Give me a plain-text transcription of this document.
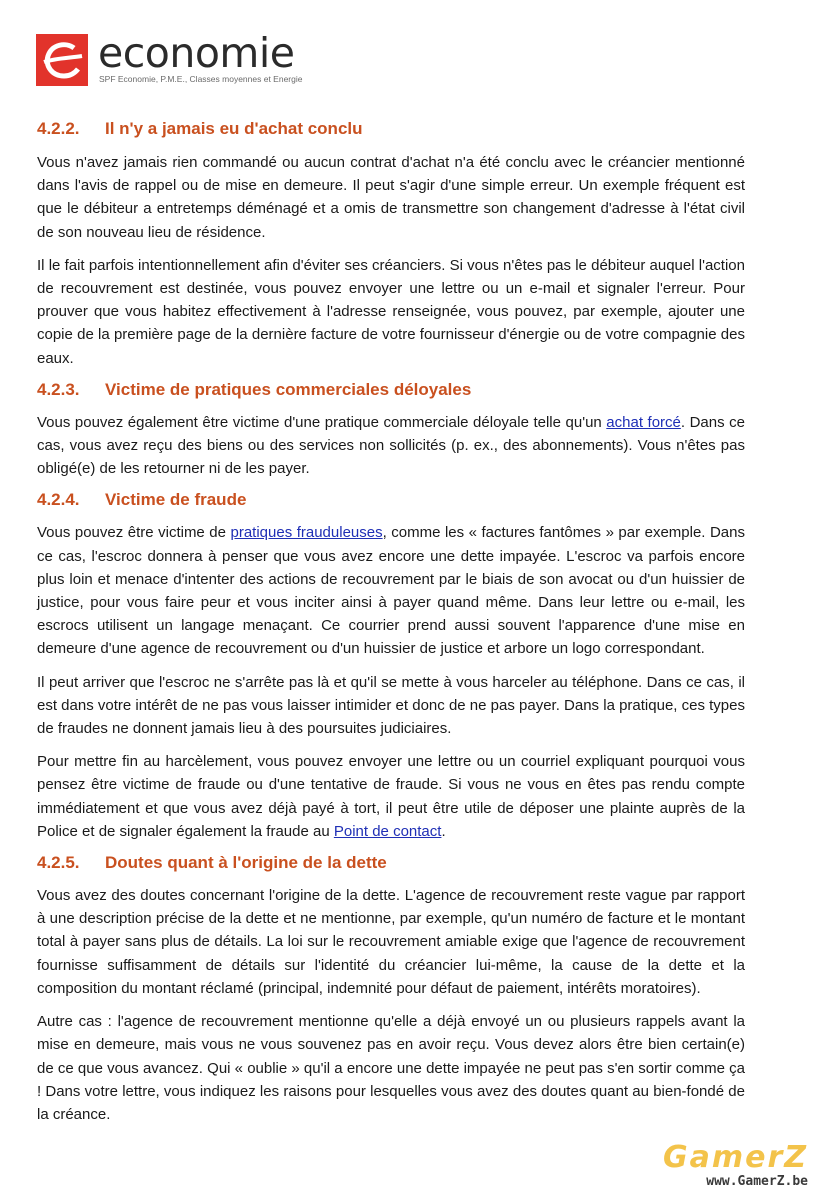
economie
SPF Economie, P.M.E., Classes moyennes et Energie
4.2.2.	Il n'y a jamais eu d'achat conclu

Vous n'avez jamais rien commandé ou aucun contrat d'achat n'a été conclu avec le créancier mentionné dans l'avis de rappel ou de mise en demeure. Il peut s'agir d'une simple erreur. Un exemple fréquent est que le débiteur a entretemps déménagé et a omis de transmettre son changement d'adresse à l'état civil de son nouveau lieu de résidence.

Il le fait parfois intentionnellement afin d'éviter ses créanciers. Si vous n'êtes pas le débiteur auquel l'action de recouvrement est destinée, vous pouvez envoyer une lettre ou un e-mail et signaler l'erreur. Pour prouver que vous habitez effectivement à l'adresse renseignée, vous pouvez, par exemple, ajouter une copie de la première page de la dernière facture de votre fournisseur d'énergie ou de votre compagnie des eaux.

4.2.3.	Victime de pratiques commerciales déloyales

Vous pouvez également être victime d'une pratique commerciale déloyale telle qu'un achat forcé. Dans ce cas, vous avez reçu des biens ou des services non sollicités (p. ex., des abonnements). Vous n'êtes pas obligé(e) de les retourner ni de les payer.

4.2.4.	Victime de fraude

Vous pouvez être victime de pratiques frauduleuses, comme les « factures fantômes » par exemple. Dans ce cas, l'escroc donnera à penser que vous avez encore une dette impayée. L'escroc va parfois encore plus loin et menace d'intenter des actions de recouvrement par le biais de son avocat ou d'un huissier de justice, pour vous faire peur et vous inciter ainsi à payer quand même. Dans leur lettre ou e-mail, les escrocs utilisent un langage menaçant. Ce courrier prend aussi souvent l'apparence d'une mise en demeure d'une agence de recouvrement ou d'un huissier de justice et arbore un logo correspondant.

Il peut arriver que l'escroc ne s'arrête pas là et qu'il se mette à vous harceler au téléphone. Dans ce cas, il est dans votre intérêt de ne pas vous laisser intimider et donc de ne pas payer. Dans la pratique, ces types de fraudes ne donnent jamais lieu à des poursuites judiciaires.

Pour mettre fin au harcèlement, vous pouvez envoyer une lettre ou un courriel expliquant pourquoi vous pensez être victime de fraude ou d'une tentative de fraude. Si vous ne vous en êtes pas rendu compte immédiatement et que vous avez déjà payé à tort, il peut être utile de déposer une plainte auprès de la Police et de signaler également la fraude au Point de contact.

4.2.5.	Doutes quant à l'origine de la dette

Vous avez des doutes concernant l'origine de la dette. L'agence de recouvrement reste vague par rapport à une description précise de la dette et ne mentionne, par exemple, qu'un numéro de facture et le montant total à payer sans plus de détails. La loi sur le recouvrement amiable exige que l'agence de recouvrement fournisse suffisamment de détails sur l'identité du créancier lui-même, la cause de la dette et la composition du montant réclamé (principal, indemnité pour défaut de paiement, intérêts moratoires).

Autre cas : l'agence de recouvrement mentionne qu'elle a déjà envoyé un ou plusieurs rappels avant la mise en demeure, mais vous ne vous souvenez pas en avoir reçu. Vous devez alors être bien certain(e) de ce que vous avancez. Qui « oublie » qu'il a encore une dette impayée ne peut pas s'en sortir comme ça ! Dans votre lettre, vous indiquez les raisons pour lesquelles vous avez des doutes quant au bien-fondé de la créance.

GamerZ
www.GamerZ.be
